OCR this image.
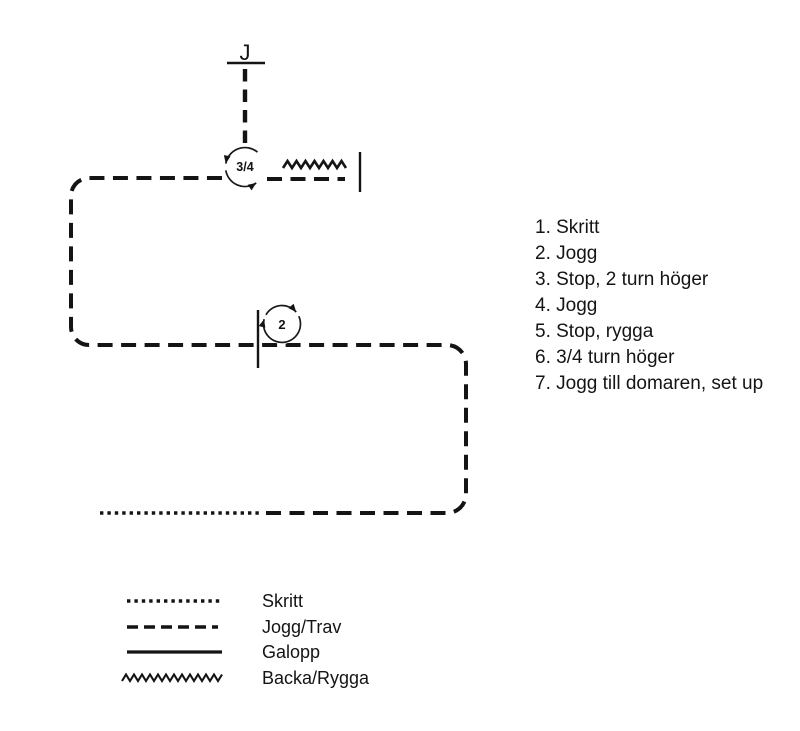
J
3/4
2
1. Skritt
2. Jogg
3. Stop, 2 turn höger
4. Jogg
5. Stop, rygga
6. 3/4 turn höger
7. Jogg till domaren, set up
Skritt
Jogg/Trav
Galopp
Backa/Rygga
